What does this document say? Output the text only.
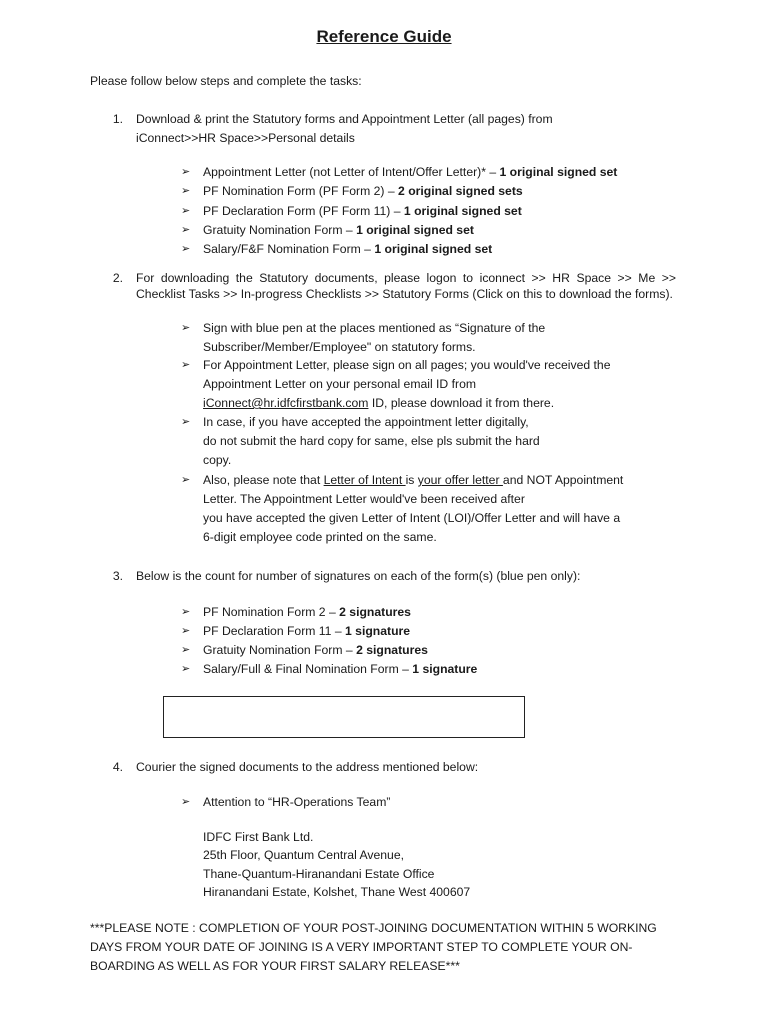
Reference Guide
Please follow below steps and complete the tasks:
1. Download & print the Statutory forms and Appointment Letter (all pages) from
iConnect>>HR Space>>Personal details
➢ Appointment Letter (not Letter of Intent/Offer Letter)* – 1 original signed set
➢ PF Nomination Form (PF Form 2) – 2 original signed sets
➢ PF Declaration Form (PF Form 11) – 1 original signed set
➢ Gratuity Nomination Form – 1 original signed set
➢ Salary/F&F Nomination Form – 1 original signed set
2. For downloading the Statutory documents, please logon to iconnect >> HR Space >> Me >> Checklist Tasks >> In-progress Checklists >> Statutory Forms (Click on this to download the forms).
➢ Sign with blue pen at the places mentioned as “Signature of the
Subscriber/Member/Employee" on statutory forms.
➢ For Appointment Letter, please sign on all pages; you would've received the
Appointment Letter on your personal email ID from
iConnect@hr.idfcfirstbank.com ID, please download it from there.
➢ In case, if you have accepted the appointment letter digitally,
do not submit the hard copy for same, else pls submit the hard
copy.
➢ Also, please note that Letter of Intent is your offer letter and NOT Appointment
Letter. The Appointment Letter would've been received after
you have accepted the given Letter of Intent (LOI)/Offer Letter and will have a
6-digit employee code printed on the same.
3. Below is the count for number of signatures on each of the form(s) (blue pen only):
➢ PF Nomination Form 2 – 2 signatures
➢ PF Declaration Form 11 – 1 signature
➢ Gratuity Nomination Form – 2 signatures
➢ Salary/Full & Final Nomination Form – 1 signature
4. Courier the signed documents to the address mentioned below:
➢ Attention to “HR-Operations Team”
IDFC First Bank Ltd.
25th Floor, Quantum Central Avenue,
Thane-Quantum-Hiranandani Estate Office
Hiranandani Estate, Kolshet, Thane West 400607
***PLEASE NOTE : COMPLETION OF YOUR POST-JOINING DOCUMENTATION WITHIN 5 WORKING DAYS FROM YOUR DATE OF JOINING IS A VERY IMPORTANT STEP TO COMPLETE YOUR ON-BOARDING AS WELL AS FOR YOUR FIRST SALARY RELEASE***
